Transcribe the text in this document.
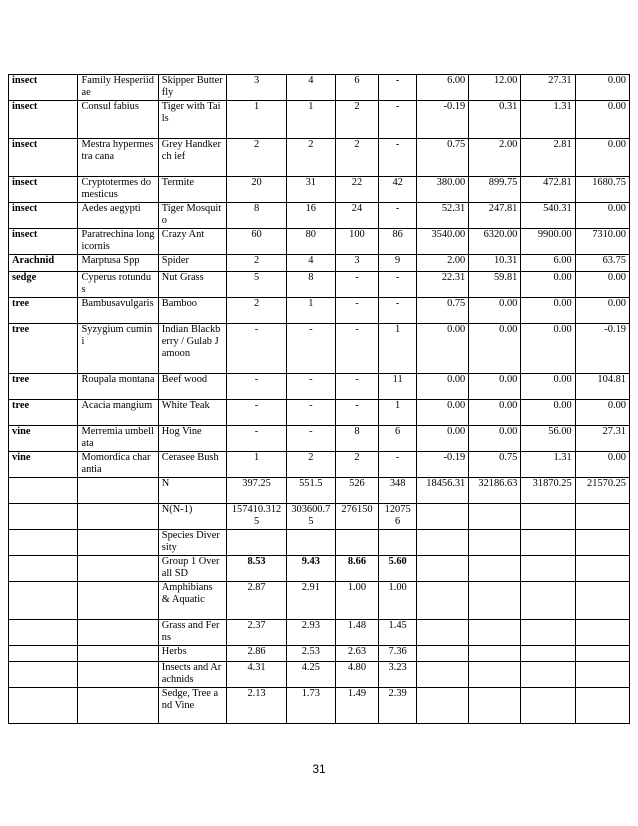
insect	Family Hesperiidae	Skipper Butterfly	3	4	6	-	6.00	12.00	27.31	0.00
insect	Consul fabius	Tiger with Tails	1	1	2	-	-0.19	0.31	1.31	0.00
insect	Mestra hypermestra cana	Grey Handkerch ief	2	2	2	-	0.75	2.00	2.81	0.00
insect	Cryptotermes domesticus	Termite	20	31	22	42	380.00	899.75	472.81	1680.75
insect	Aedes aegypti	Tiger Mosquito	8	16	24	-	52.31	247.81	540.31	0.00
insect	Paratrechina longicornis	Crazy Ant	60	80	100	86	3540.00	6320.00	9900.00	7310.00
Arachnid	Marptusa Spp	Spider	2	4	3	9	2.00	10.31	6.00	63.75
sedge	Cyperus rotundus	Nut Grass	5	8	-	-	22.31	59.81	0.00	0.00
tree	Bambusavulgaris	Bamboo	2	1	-	-	0.75	0.00	0.00	0.00
tree	Syzygium cumini	Indian Blackberry / Gulab Jamoon	-	-	-	1	0.00	0.00	0.00	-0.19
tree	Roupala montana	Beef wood	-	-	-	11	0.00	0.00	0.00	104.81
tree	Acacia mangium	White Teak	-	-	-	1	0.00	0.00	0.00	0.00
vine	Merremia umbellata	Hog Vine	-	-	8	6	0.00	0.00	56.00	27.31
vine	Momordica charantia	Cerasee Bush	1	2	2	-	-0.19	0.75	1.31	0.00
		N	397.25	551.5	526	348	18456.31	32186.63	31870.25	21570.25
		N(N-1)	157410.3125	303600.75	276150	120756				
		Species Diversity								
		Group 1 Overall SD	8.53	9.43	8.66	5.60				
		Amphibians & Aquatic	2.87	2.91	1.00	1.00				
		Grass and Ferns	2.37	2.93	1.48	1.45				
		Herbs	2.86	2.53	2.63	7.36				
		Insects and Arachnids	4.31	4.25	4.80	3.23				
		Sedge, Tree and Vine	2.13	1.73	1.49	2.39				
31
